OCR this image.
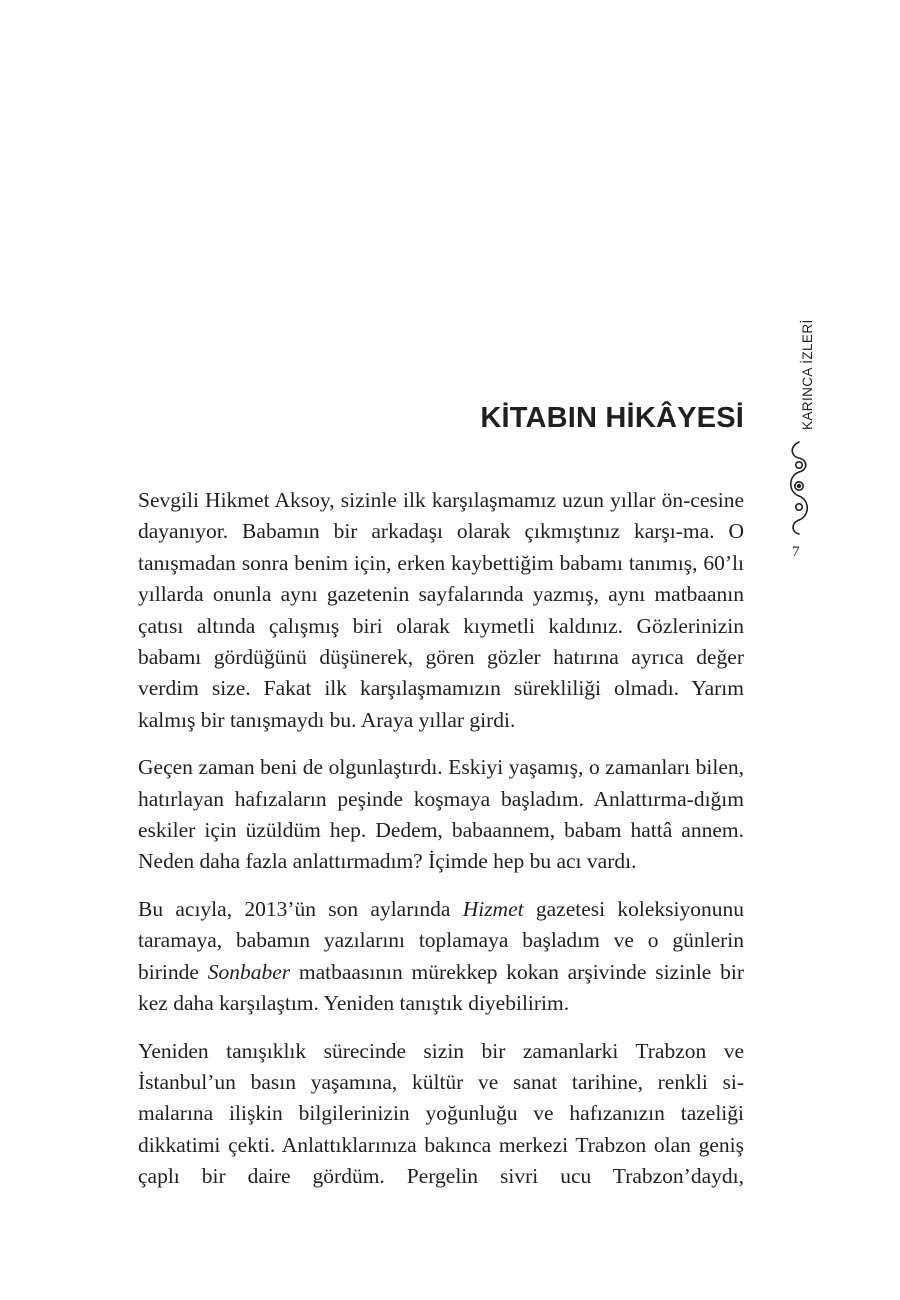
KARINCA İZLERİ
7
KİTABIN HİKÂYESİ

Sevgili Hikmet Aksoy, sizinle ilk karşılaşmamız uzun yıllar ön-cesine dayanıyor. Babamın bir arkadaşı olarak çıkmıştınız karşı-ma. O tanışmadan sonra benim için, erken kaybettiğim babamı tanımış, 60’lı yıllarda onunla aynı gazetenin sayfalarında yazmış, aynı matbaanın çatısı altında çalışmış biri olarak kıymetli kaldınız. Gözlerinizin babamı gördüğünü düşünerek, gören gözler hatırına ayrıca değer verdim size. Fakat ilk karşılaşmamızın sürekliliği olmadı. Yarım kalmış bir tanışmaydı bu. Araya yıllar girdi.

Geçen zaman beni de olgunlaştırdı. Eskiyi yaşamış, o zamanları bilen, hatırlayan hafızaların peşinde koşmaya başladım. Anlattırma-dığım eskiler için üzüldüm hep. Dedem, babaannem, babam hattâ annem. Neden daha fazla anlattırmadım? İçimde hep bu acı vardı.

Bu acıyla, 2013’ün son aylarında Hizmet gazetesi koleksiyonunu taramaya, babamın yazılarını toplamaya başladım ve o günlerin birinde Sonbaber matbaasının mürekkep kokan arşivinde sizinle bir kez daha karşılaştım. Yeniden tanıştık diyebilirim.

Yeniden tanışıklık sürecinde sizin bir zamanlarki Trabzon ve İstanbul’un basın yaşamına, kültür ve sanat tarihine, renkli si-malarına ilişkin bilgilerinizin yoğunluğu ve hafızanızın tazeliği dikkatimi çekti. Anlattıklarınıza bakınca merkezi Trabzon olan geniş çaplı bir daire gördüm. Pergelin sivri ucu Trabzon’daydı,
